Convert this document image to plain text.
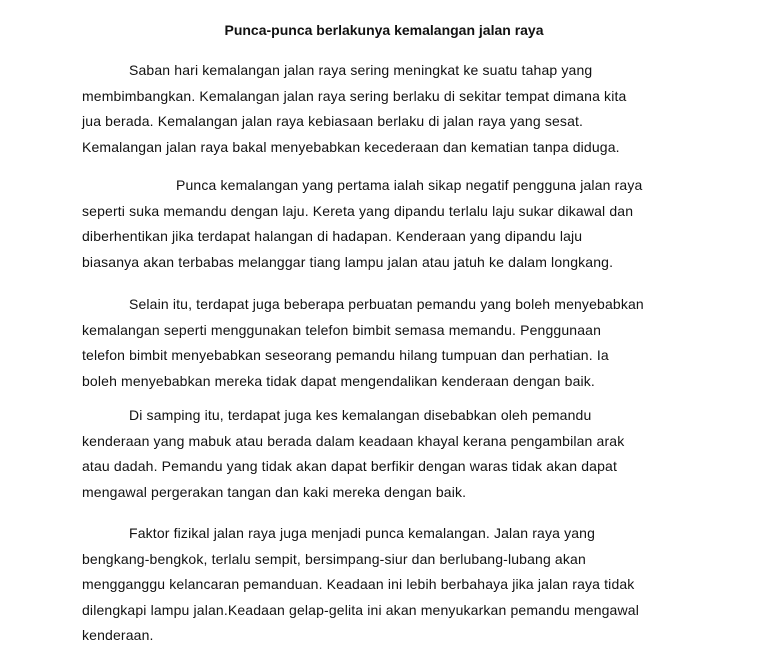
Punca-punca berlakunya kemalangan jalan raya

Saban hari kemalangan jalan raya sering meningkat ke suatu tahap yang
membimbangkan. Kemalangan jalan raya sering berlaku di sekitar tempat dimana kita
jua berada. Kemalangan jalan raya kebiasaan berlaku di jalan raya yang sesat.
Kemalangan jalan raya bakal menyebabkan kecederaan dan kematian tanpa diduga.

Punca kemalangan yang pertama ialah sikap negatif pengguna jalan raya
seperti suka memandu dengan laju. Kereta yang dipandu terlalu laju sukar dikawal dan
diberhentikan jika terdapat halangan di hadapan. Kenderaan yang dipandu laju
biasanya akan terbabas melanggar tiang lampu jalan atau jatuh ke dalam longkang.

Selain itu, terdapat juga beberapa perbuatan pemandu yang boleh menyebabkan
kemalangan seperti menggunakan telefon bimbit semasa memandu. Penggunaan
telefon bimbit menyebabkan seseorang pemandu hilang tumpuan dan perhatian. Ia
boleh menyebabkan mereka tidak dapat mengendalikan kenderaan dengan baik.

Di samping itu, terdapat juga kes kemalangan disebabkan oleh pemandu
kenderaan yang mabuk atau berada dalam keadaan khayal kerana pengambilan arak
atau dadah. Pemandu yang tidak akan dapat berfikir dengan waras tidak akan dapat
mengawal pergerakan tangan dan kaki mereka dengan baik.

Faktor fizikal jalan raya juga menjadi punca kemalangan. Jalan raya yang
bengkang-bengkok, terlalu sempit, bersimpang-siur dan berlubang-lubang akan
mengganggu kelancaran pemanduan. Keadaan ini lebih berbahaya jika jalan raya tidak
dilengkapi lampu jalan.Keadaan gelap-gelita ini akan menyukarkan pemandu mengawal
kenderaan.
